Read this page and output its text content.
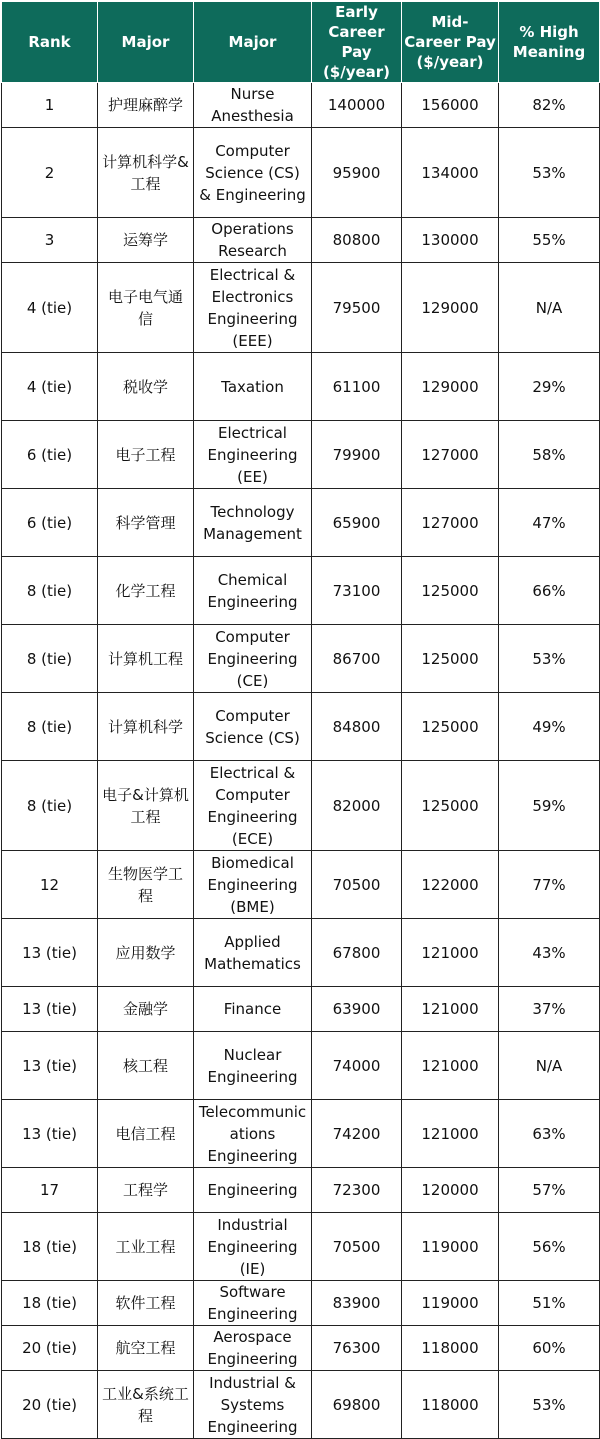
Rank	Major	Major	Early Career Pay ($/year)	Mid-Career Pay ($/year)	% High Meaning
1	护理麻醉学	Nurse Anesthesia	140000	156000	82%
2	计算机科学&工程	Computer Science (CS) & Engineering	95900	134000	53%
3	运筹学	Operations Research	80800	130000	55%
4 (tie)	电子电气通信	Electrical & Electronics Engineering (EEE)	79500	129000	N/A
4 (tie)	税收学	Taxation	61100	129000	29%
6 (tie)	电子工程	Electrical Engineering (EE)	79900	127000	58%
6 (tie)	科学管理	Technology Management	65900	127000	47%
8 (tie)	化学工程	Chemical Engineering	73100	125000	66%
8 (tie)	计算机工程	Computer Engineering (CE)	86700	125000	53%
8 (tie)	计算机科学	Computer Science (CS)	84800	125000	49%
8 (tie)	电子&计算机工程	Electrical & Computer Engineering (ECE)	82000	125000	59%
12	生物医学工程	Biomedical Engineering (BME)	70500	122000	77%
13 (tie)	应用数学	Applied Mathematics	67800	121000	43%
13 (tie)	金融学	Finance	63900	121000	37%
13 (tie)	核工程	Nuclear Engineering	74000	121000	N/A
13 (tie)	电信工程	Telecommunications Engineering	74200	121000	63%
17	工程学	Engineering	72300	120000	57%
18 (tie)	工业工程	Industrial Engineering (IE)	70500	119000	56%
18 (tie)	软件工程	Software Engineering	83900	119000	51%
20 (tie)	航空工程	Aerospace Engineering	76300	118000	60%
20 (tie)	工业&系统工程	Industrial & Systems Engineering	69800	118000	53%
